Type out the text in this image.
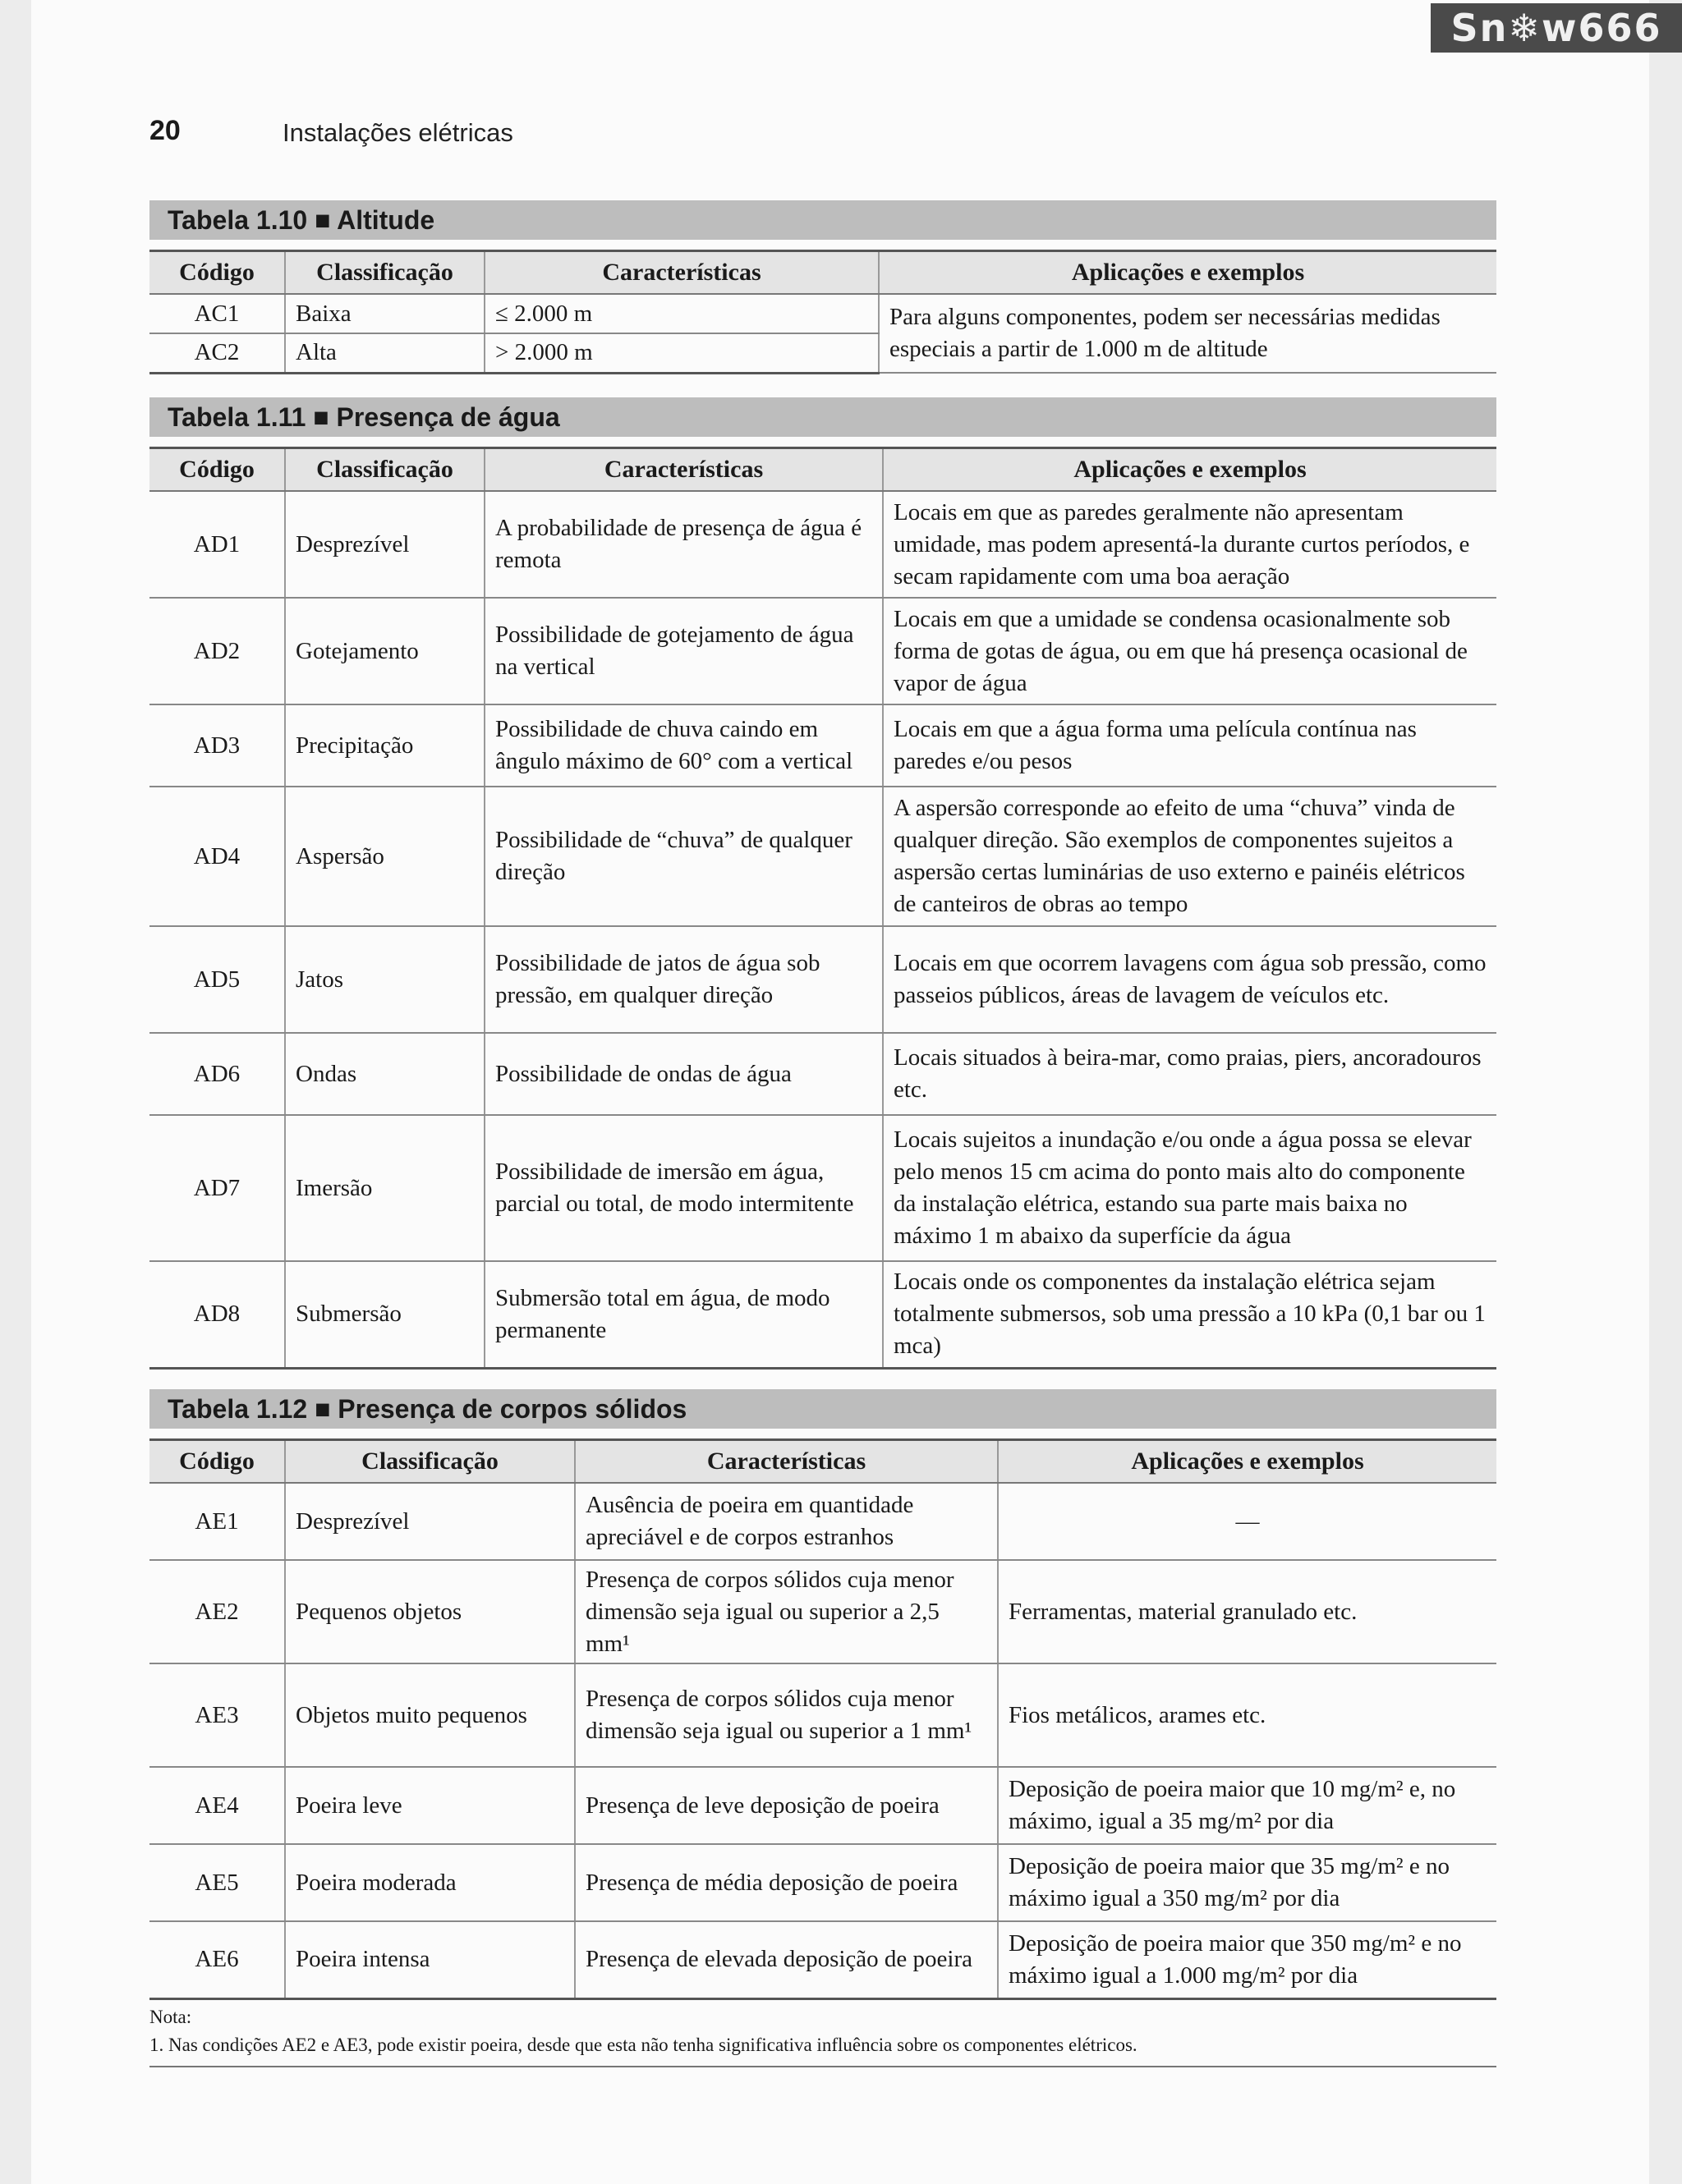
Sn❄w666
20	Instalações elétricas
Tabela 1.10 ■ Altitude
Código	Classificação	Características	Aplicações e exemplos
AC1	Baixa	≤ 2.000 m	Para alguns componentes, podem ser necessárias medidas especiais a partir de 1.000 m de altitude
AC2	Alta	> 2.000 m	
Tabela 1.11 ■ Presença de água
Código	Classificação	Características	Aplicações e exemplos
AD1	Desprezível	A probabilidade de presença de água é remota	Locais em que as paredes geralmente não apresentam umidade, mas podem apresentá-la durante curtos períodos, e secam rapidamente com uma boa aeração
AD2	Gotejamento	Possibilidade de gotejamento de água na vertical	Locais em que a umidade se condensa ocasionalmente sob forma de gotas de água, ou em que há presença ocasional de vapor de água
AD3	Precipitação	Possibilidade de chuva caindo em ângulo máximo de 60° com a vertical	Locais em que a água forma uma película contínua nas paredes e/ou pesos
AD4	Aspersão	Possibilidade de “chuva” de qualquer direção	A aspersão corresponde ao efeito de uma “chuva” vinda de qualquer direção. São exemplos de componentes sujeitos a aspersão certas luminárias de uso externo e painéis elétricos de canteiros de obras ao tempo
AD5	Jatos	Possibilidade de jatos de água sob pressão, em qualquer direção	Locais em que ocorrem lavagens com água sob pressão, como passeios públicos, áreas de lavagem de veículos etc.
AD6	Ondas	Possibilidade de ondas de água	Locais situados à beira-mar, como praias, piers, ancoradouros etc.
AD7	Imersão	Possibilidade de imersão em água, parcial ou total, de modo intermitente	Locais sujeitos a inundação e/ou onde a água possa se elevar pelo menos 15 cm acima do ponto mais alto do componente da instalação elétrica, estando sua parte mais baixa no máximo 1 m abaixo da superfície da água
AD8	Submersão	Submersão total em água, de modo permanente	Locais onde os componentes da instalação elétrica sejam totalmente submersos, sob uma pressão a 10 kPa (0,1 bar ou 1 mca)
Tabela 1.12 ■ Presença de corpos sólidos
Código	Classificação	Características	Aplicações e exemplos
AE1	Desprezível	Ausência de poeira em quantidade apreciável e de corpos estranhos	—
AE2	Pequenos objetos	Presença de corpos sólidos cuja menor dimensão seja igual ou superior a 2,5 mm¹	Ferramentas, material granulado etc.
AE3	Objetos muito pequenos	Presença de corpos sólidos cuja menor dimensão seja igual ou superior a 1 mm¹	Fios metálicos, arames etc.
AE4	Poeira leve	Presença de leve deposição de poeira	Deposição de poeira maior que 10 mg/m² e, no máximo, igual a 35 mg/m² por dia
AE5	Poeira moderada	Presença de média deposição de poeira	Deposição de poeira maior que 35 mg/m² e no máximo igual a 350 mg/m² por dia
AE6	Poeira intensa	Presença de elevada deposição de poeira	Deposição de poeira maior que 350 mg/m² e no máximo igual a 1.000 mg/m² por dia
Nota:
1. Nas condições AE2 e AE3, pode existir poeira, desde que esta não tenha significativa influência sobre os componentes elétricos.
